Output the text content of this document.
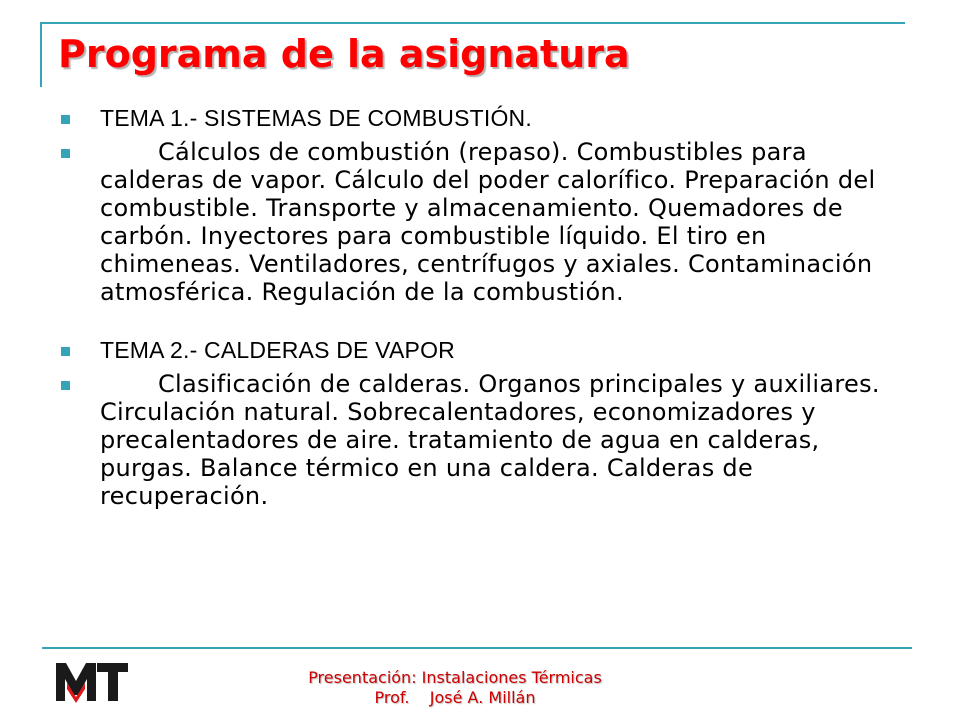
Programa de la asignatura
TEMA 1.- SISTEMAS DE COMBUSTIÓN.
Cálculos de combustión (repaso). Combustibles para calderas de vapor. Cálculo del poder calorífico. Preparación del combustible. Transporte y almacenamiento. Quemadores de carbón. Inyectores para combustible líquido. El tiro en chimeneas. Ventiladores, centrífugos y axiales. Contaminación atmosférica. Regulación de la combustión.
TEMA 2.- CALDERAS DE VAPOR
Clasificación de calderas. Organos principales y auxiliares. Circulación natural. Sobrecalentadores, economizadores y precalentadores de aire. tratamiento de agua en calderas, purgas. Balance térmico en una caldera. Calderas de recuperación.
Presentación: Instalaciones Térmicas
Prof.    José A. Millán
